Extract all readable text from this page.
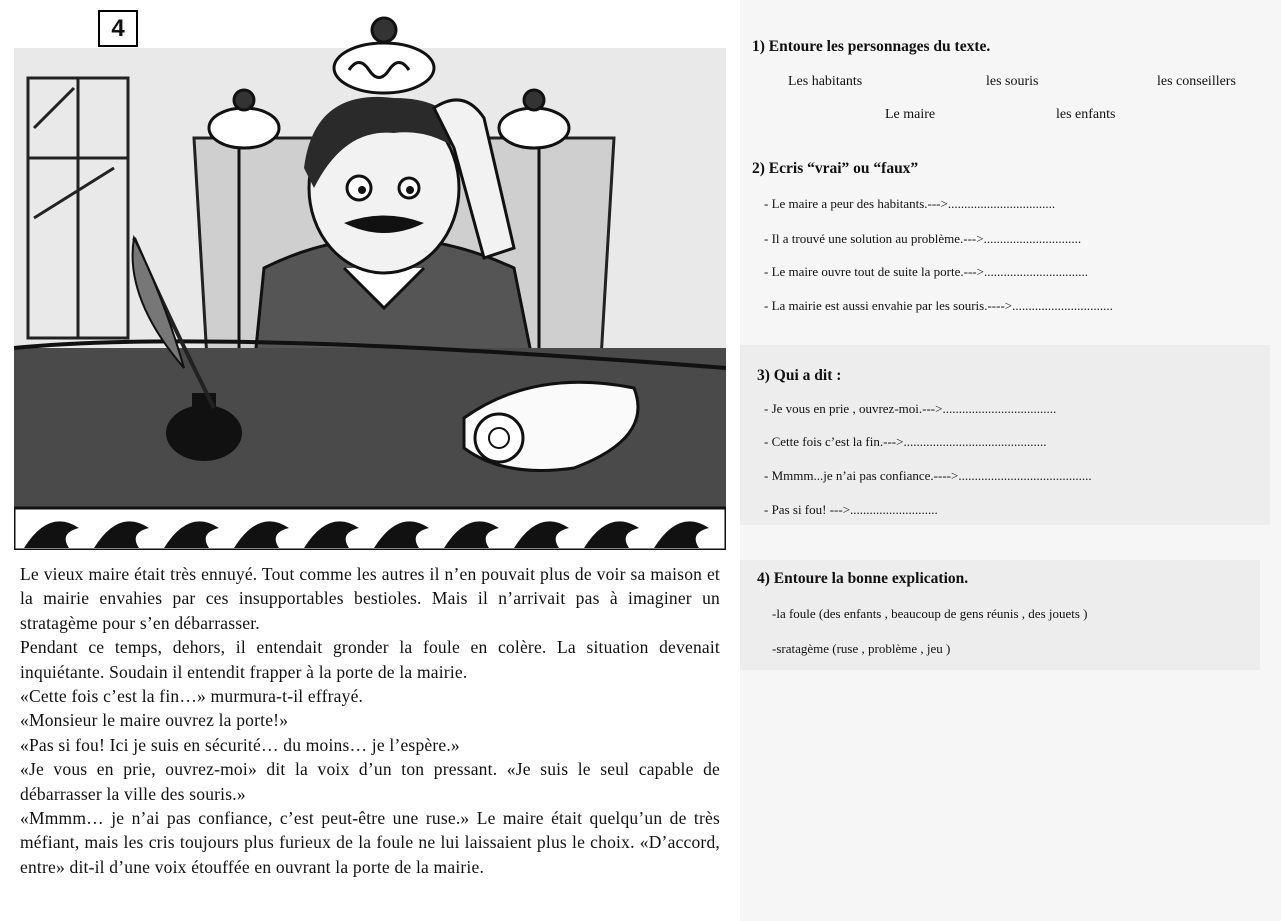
4

Le vieux maire était très ennuyé. Tout comme les autres il n’en pouvait plus de voir sa maison et la mairie envahies par ces insupportables bestioles. Mais il n’arrivait pas à imaginer un stratagème pour s’en débarrasser.

Pendant ce temps, dehors, il entendait gronder la foule en colère. La situation devenait inquiétante. Soudain il entendit frapper à la porte de la mairie.

«Cette fois c’est la fin…» murmura-t-il effrayé.

«Monsieur le maire ouvrez la porte!»

«Pas si fou! Ici je suis en sécurité… du moins… je l’espère.»

«Je vous en prie, ouvrez-moi» dit la voix d’un ton pressant. «Je suis le seul capable de débarrasser la ville des souris.»

«Mmmm… je n’ai pas confiance, c’est peut-être une ruse.» Le maire était quelqu’un de très méfiant, mais les cris toujours plus furieux de la foule ne lui laissaient plus le choix. «D’accord, entre» dit-il d’une voix étouffée en ouvrant la porte de la mairie.

1) Entoure les personnages du texte.
Les habitants	les souris	les conseillers
Le maire	les enfants
2) Ecris “vrai” ou “faux”
- Le maire a peur des habitants.--->.................................
- Il a trouvé une solution au problème.--->..............................
- Le maire ouvre tout de suite la porte.--->................................
- La mairie est aussi envahie par les souris.---->...............................
3) Qui a dit :
- Je vous en prie , ouvrez-moi.--->...................................
- Cette fois c’est la fin.--->............................................
- Mmmm...je n’ai pas confiance.---->.........................................
- Pas si fou! --->...........................
4) Entoure la bonne explication.
-la foule (des enfants , beaucoup de gens réunis , des jouets )
-sratagème (ruse , problème , jeu )
